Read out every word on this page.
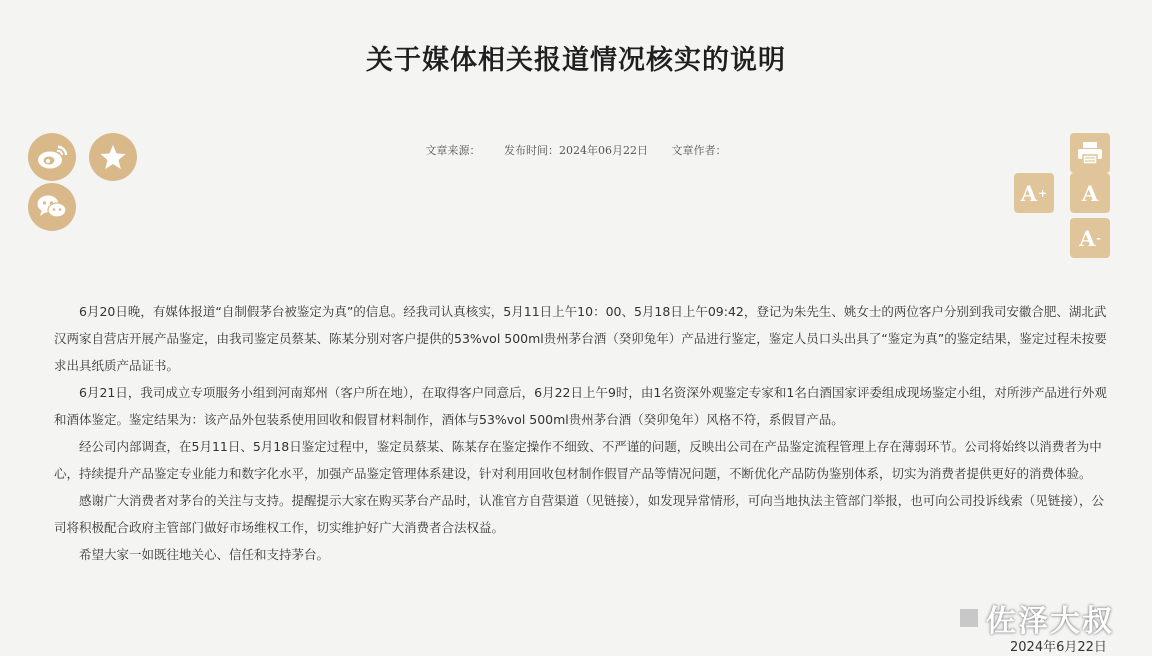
关于媒体相关报道情况核实的说明
文章来源： 发布时间：2024年06月22日 文章作者：
A + A
A -

6月20日晚，有媒体报道“自制假茅台被鉴定为真”的信息。经我司认真核实，5月11日上午10：00、5月18日上午09:42，登记为朱先生、姚女士的两位客户分别到我司安徽合肥、湖北武汉两家自营店开展产品鉴定，由我司鉴定员蔡某、陈某分别对客户提供的53%vol 500ml贵州茅台酒（癸卯兔年）产品进行鉴定，鉴定人员口头出具了“鉴定为真”的鉴定结果，鉴定过程未按要求出具纸质产品证书。

6月21日，我司成立专项服务小组到河南郑州（客户所在地），在取得客户同意后，6月22日上午9时，由1名资深外观鉴定专家和1名白酒国家评委组成现场鉴定小组，对所涉产品进行外观和酒体鉴定。鉴定结果为：该产品外包装系使用回收和假冒材料制作，酒体与53%vol 500ml贵州茅台酒（癸卯兔年）风格不符，系假冒产品。

经公司内部调查，在5月11日、5月18日鉴定过程中，鉴定员蔡某、陈某存在鉴定操作不细致、不严谨的问题，反映出公司在产品鉴定流程管理上存在薄弱环节。公司将始终以消费者为中心，持续提升产品鉴定专业能力和数字化水平，加强产品鉴定管理体系建设，针对利用回收包材制作假冒产品等情况问题，不断优化产品防伪鉴别体系，切实为消费者提供更好的消费体验。

感谢广大消费者对茅台的关注与支持。提醒提示大家在购买茅台产品时，认准官方自营渠道（见链接），如发现异常情形，可向当地执法主管部门举报，也可向公司投诉线索（见链接），公司将积极配合政府主管部门做好市场维权工作，切实维护好广大消费者合法权益。

希望大家一如既往地关心、信任和支持茅台。

佐泽大叔
2024年6月22日
